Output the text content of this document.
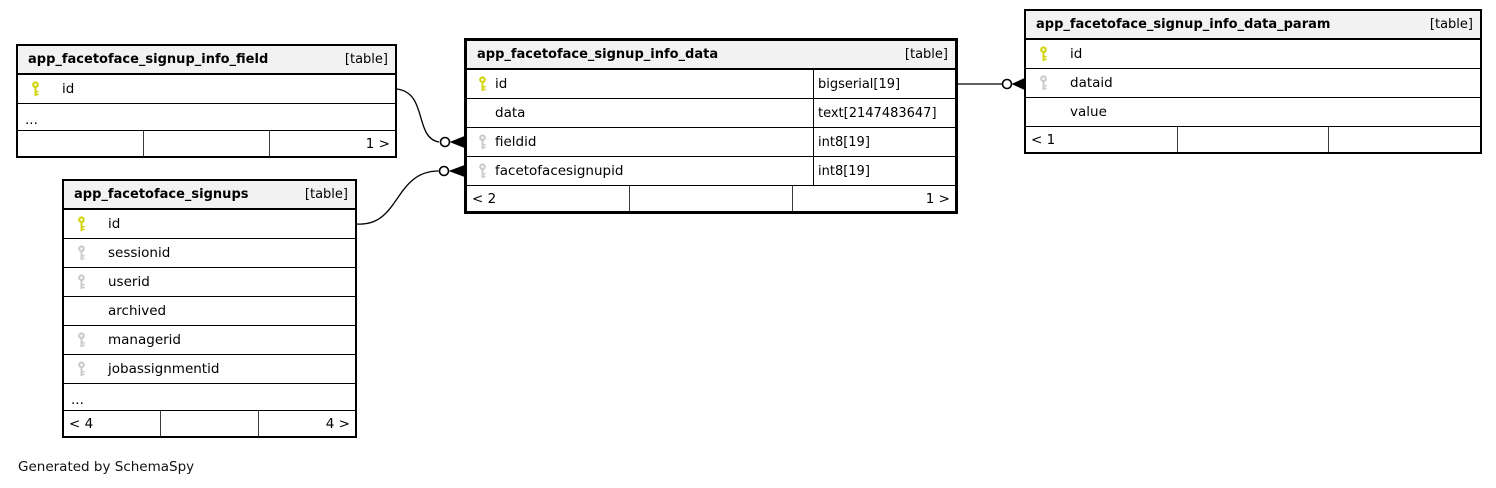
app_facetoface_signup_info_field	[table]
id
...
1 >
app_facetoface_signup_info_data	[table]
id	bigserial[19]
data	text[2147483647]
fieldid	int8[19]
facetofacesignupid	int8[19]
< 2	1 >
app_facetoface_signup_info_data_param	[table]
id
dataid
value
< 1
app_facetoface_signups	[table]
id
sessionid
userid
archived
managerid
jobassignmentid
...
< 4	4 >
Generated by SchemaSpy
